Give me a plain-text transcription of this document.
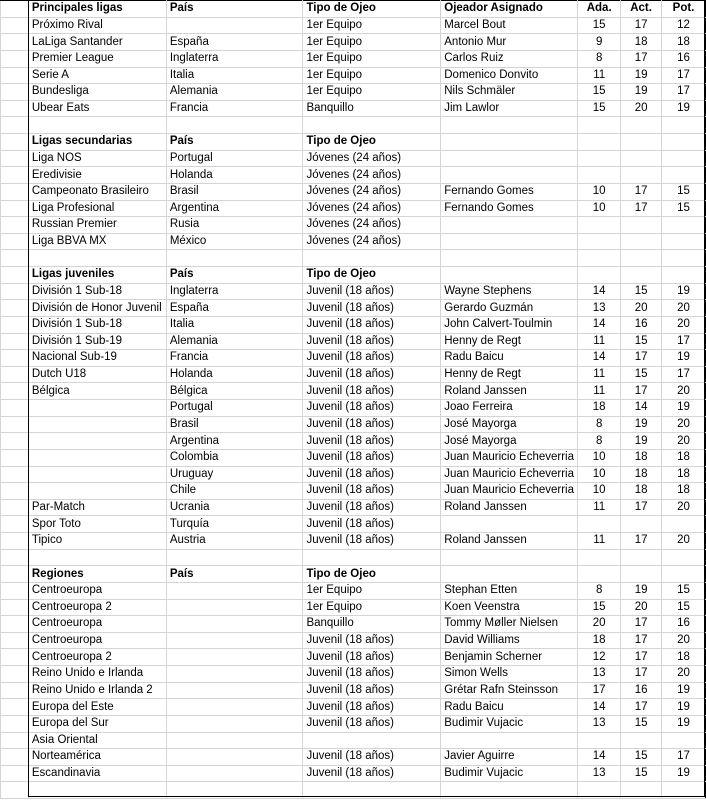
	Principales ligas	País	Tipo de Ojeo	Ojeador Asignado	Ada.	Act.	Pot.
	Próximo Rival		1er Equipo	Marcel Bout	15	17	12
	LaLiga Santander	España	1er Equipo	Antonio Mur	9	18	18
	Premier League	Inglaterra	1er Equipo	Carlos Ruiz	8	17	16
	Serie A	Italia	1er Equipo	Domenico Donvito	11	19	17
	Bundesliga	Alemania	1er Equipo	Nils Schmäler	15	19	17
	Ubear Eats	Francia	Banquillo	Jim Lawlor	15	20	19

	Ligas secundarias	País	Tipo de Ojeo				
	Liga NOS	Portugal	Jóvenes (24 años)				
	Eredivisie	Holanda	Jóvenes (24 años)				
	Campeonato Brasileiro	Brasil	Jóvenes (24 años)	Fernando Gomes	10	17	15
	Liga Profesional	Argentina	Jóvenes (24 años)	Fernando Gomes	10	17	15
	Russian Premier	Rusia	Jóvenes (24 años)				
	Liga BBVA MX	México	Jóvenes (24 años)				

	Ligas juveniles	País	Tipo de Ojeo				
	División 1 Sub-18	Inglaterra	Juvenil (18 años)	Wayne Stephens	14	15	19
	División de Honor Juvenil	España	Juvenil (18 años)	Gerardo Guzmán	13	20	20
	División 1 Sub-18	Italia	Juvenil (18 años)	John Calvert-Toulmin	14	16	20
	División 1 Sub-19	Alemania	Juvenil (18 años)	Henny de Regt	11	15	17
	Nacional Sub-19	Francia	Juvenil (18 años)	Radu Baicu	14	17	19
	Dutch U18	Holanda	Juvenil (18 años)	Henny de Regt	11	15	17
	Bélgica	Bélgica	Juvenil (18 años)	Roland Janssen	11	17	20
		Portugal	Juvenil (18 años)	Joao Ferreira	18	14	19
		Brasil	Juvenil (18 años)	José Mayorga	8	19	20
		Argentina	Juvenil (18 años)	José Mayorga	8	19	20
		Colombia	Juvenil (18 años)	Juan Mauricio Echeverria	10	18	18
		Uruguay	Juvenil (18 años)	Juan Mauricio Echeverria	10	18	18
		Chile	Juvenil (18 años)	Juan Mauricio Echeverria	10	18	18
	Par-Match	Ucrania	Juvenil (18 años)	Roland Janssen	11	17	20
	Spor Toto	Turquía	Juvenil (18 años)				
	Tipico	Austria	Juvenil (18 años)	Roland Janssen	11	17	20

	Regiones	País	Tipo de Ojeo				
	Centroeuropa		1er Equipo	Stephan Etten	8	19	15
	Centroeuropa 2		1er Equipo	Koen Veenstra	15	20	15
	Centroeuropa		Banquillo	Tommy Møller Nielsen	20	17	16
	Centroeuropa		Juvenil (18 años)	David Williams	18	17	20
	Centroeuropa 2		Juvenil (18 años)	Benjamin Scherner	12	17	18
	Reino Unido e Irlanda		Juvenil (18 años)	Simon Wells	13	17	20
	Reino Unido e Irlanda 2		Juvenil (18 años)	Grétar Rafn Steinsson	17	16	19
	Europa del Este		Juvenil (18 años)	Radu Baicu	14	17	19
	Europa del Sur		Juvenil (18 años)	Budimir Vujacic	13	15	19
	Asia Oriental						
	Norteamérica		Juvenil (18 años)	Javier Aguirre	14	15	17
	Escandinavia		Juvenil (18 años)	Budimir Vujacic	13	15	19
